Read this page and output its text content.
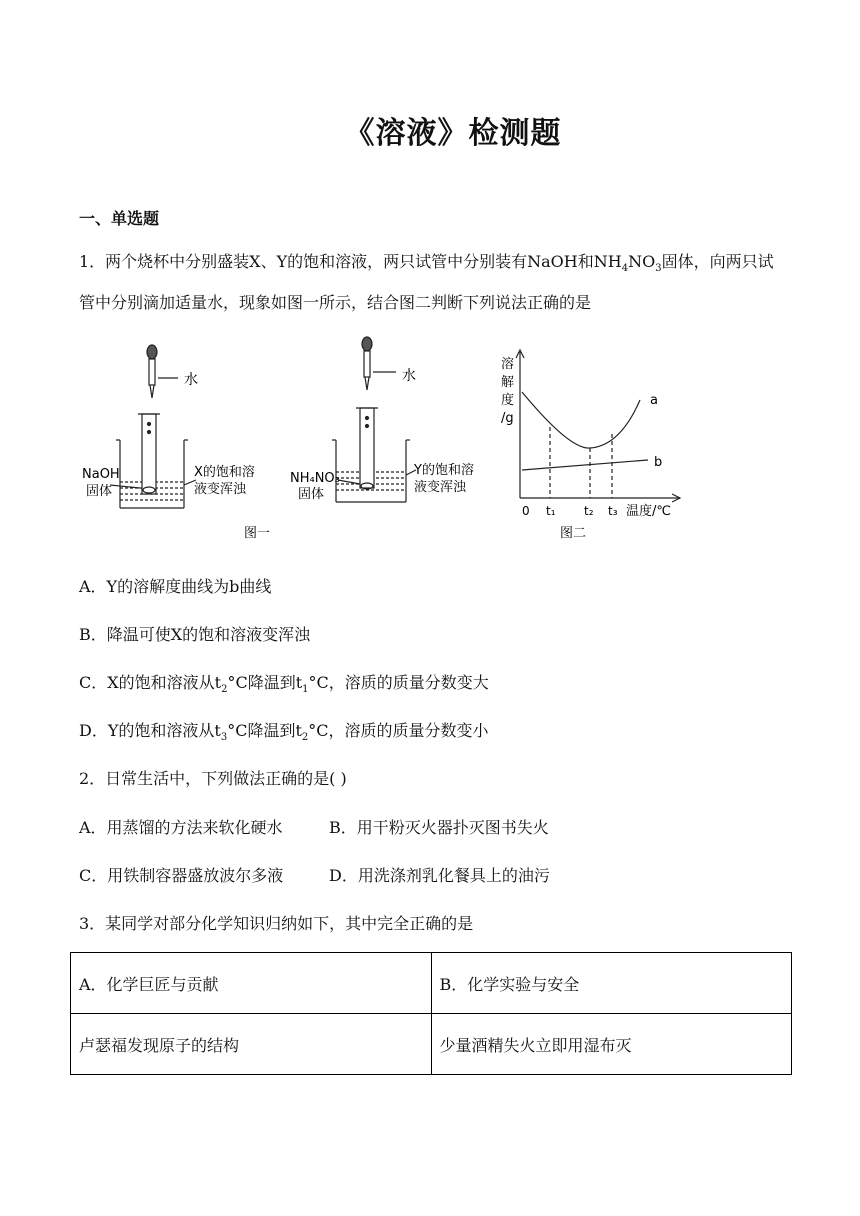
《溶液》检测题
一、单选题
1．两个烧杯中分别盛装X、Y的饱和溶液，两只试管中分别装有NaOH和$NH_4NO_3$固体，向两只试管中分别滴加适量水，现象如图一所示，结合图二判断下列说法正确的是
水
NaOH
固体
X的饱和溶
液变浑浊
图一
水
NH₄NO₃
固体
Y的饱和溶
液变浑浊
溶
解
度
/g
a
b
0 t₁ t₂ t₃ 温度/℃
图二
A．Y的溶解度曲线为b曲线
B．降温可使X的饱和溶液变浑浊
C．X的饱和溶液从$t_2^\circ C$降温到$t_1^\circ C$，溶质的质量分数变大
D．Y的饱和溶液从$t_3^\circ C$降温到$t_2^\circ C$，溶质的质量分数变小
2．日常生活中，下列做法正确的是( )
A．用蒸馏的方法来软化硬水	B．用干粉灭火器扑灭图书失火
C．用铁制容器盛放波尔多液	D．用洗涤剂乳化餐具上的油污
3．某同学对部分化学知识归纳如下，其中完全正确的是
A．化学巨匠与贡献	B．化学实验与安全
卢瑟福发现原子的结构	少量酒精失火立即用湿布灭
